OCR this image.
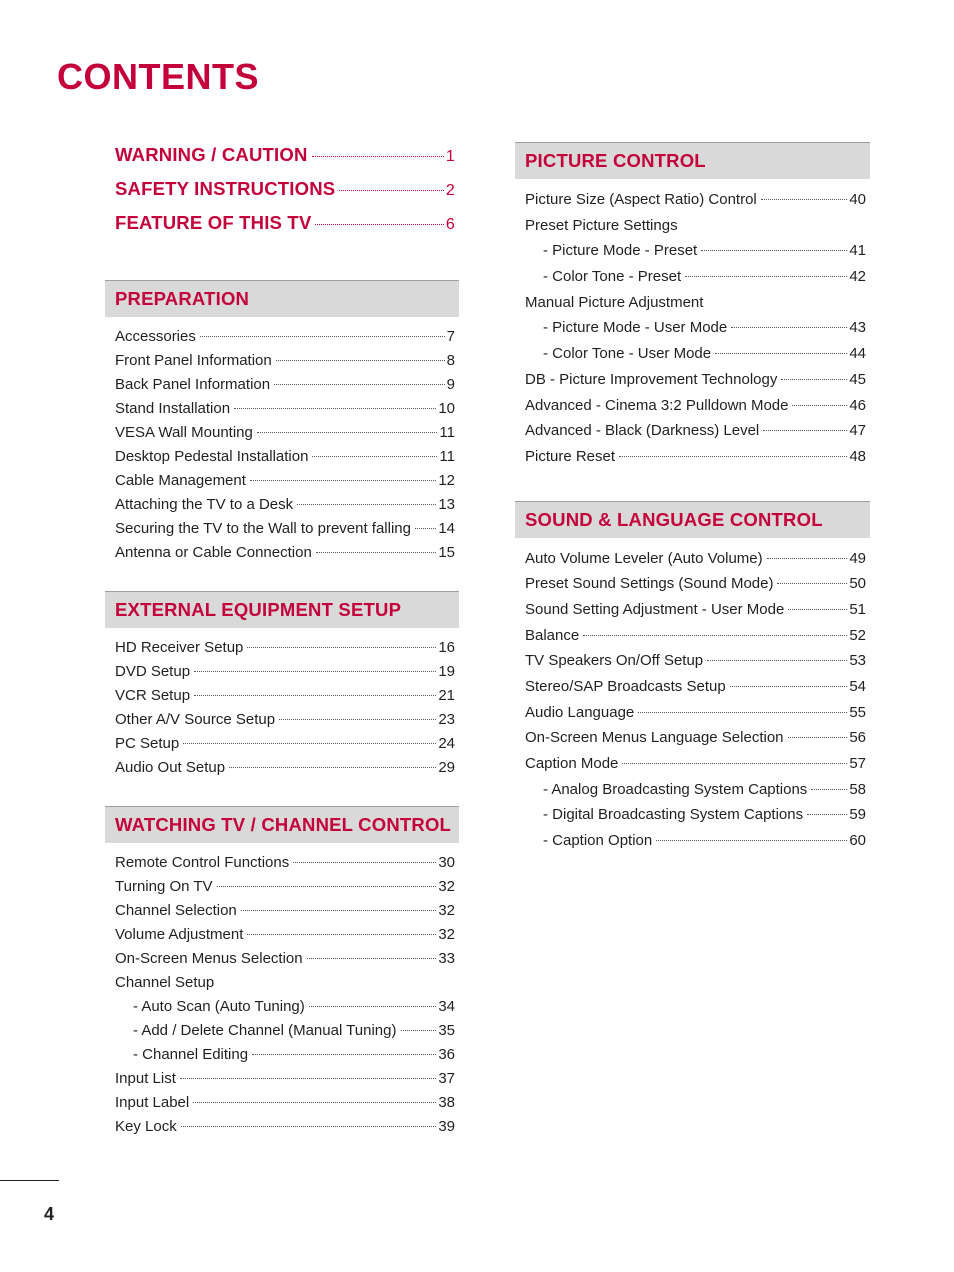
CONTENTS
WARNING / CAUTION	1
SAFETY INSTRUCTIONS	2
FEATURE OF THIS TV	6
PREPARATION
Accessories	7
Front Panel Information	8
Back Panel Information	9
Stand Installation	10
VESA Wall Mounting	11
Desktop Pedestal Installation	11
Cable Management	12
Attaching the TV to a Desk	13
Securing the TV to the Wall to prevent falling 14
Antenna or Cable Connection	15
EXTERNAL EQUIPMENT SETUP
HD Receiver Setup	16
DVD Setup	19
VCR Setup	21
Other A/V Source Setup	23
PC Setup	24
Audio Out Setup	29
WATCHING TV / CHANNEL CONTROL
Remote Control Functions	30
Turning On TV	32
Channel Selection	32
Volume Adjustment	32
On-Screen Menus Selection	33
Channel Setup
- Auto Scan (Auto Tuning)	34
- Add / Delete Channel (Manual Tuning)	35
- Channel Editing	36
Input List	37
Input Label	38
Key Lock	39
PICTURE CONTROL
Picture Size (Aspect Ratio) Control	40
Preset Picture Settings
- Picture Mode - Preset	41
- Color Tone - Preset	42
Manual Picture Adjustment
- Picture Mode - User Mode	43
- Color Tone - User Mode	44
DB - Picture Improvement Technology	45
Advanced - Cinema 3:2 Pulldown Mode	46
Advanced - Black (Darkness) Level	47
Picture Reset	48
SOUND & LANGUAGE CONTROL
Auto Volume Leveler (Auto Volume)	49
Preset Sound Settings (Sound Mode)	50
Sound Setting Adjustment - User Mode	51
Balance	52
TV Speakers On/Off Setup	53
Stereo/SAP Broadcasts Setup	54
Audio Language	55
On-Screen Menus Language Selection	56
Caption Mode	57
- Analog Broadcasting System Captions	58
- Digital Broadcasting System Captions	59
- Caption Option	60
4
